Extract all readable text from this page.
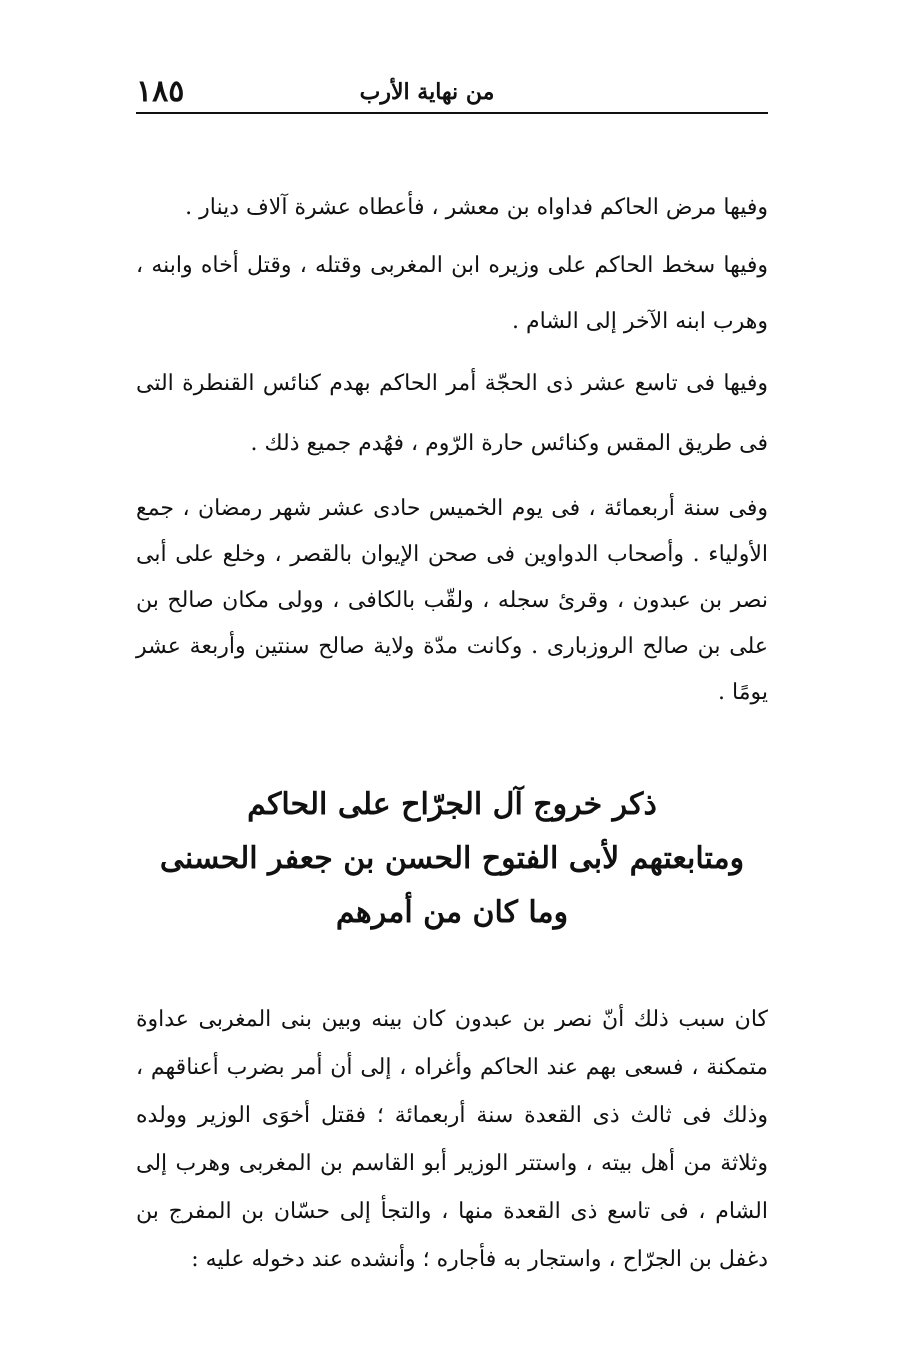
١٨٥	من نهاية الأرب

وفيها مرض الحاكم فداواه بن معشر ، فأعطاه عشرة آلاف دينار .

وفيها سخط الحاكم على وزيره ابن المغربى وقتله ، وقتل أخاه وابنه ، وهرب ابنه الآخر إلى الشام .

وفيها فى تاسع عشر ذى الحجّة أمر الحاكم بهدم كنائس القنطرة التى فى طريق المقس وكنائس حارة الرّوم ، فهُدم جميع ذلك .

وفى سنة أربعمائة ، فى يوم الخميس حادى عشر شهر رمضان ، جمع الأولياء . وأصحاب الدواوين فى صحن الإيوان بالقصر ، وخلع على أبى نصر بن عبدون ، وقرئ سجله ، ولقّب بالكافى ، وولى مكان صالح بن على بن صالح الروزبارى . وكانت مدّة ولاية صالح سنتين وأربعة عشر يومًا .

ذكر خروج آل الجرّاح على الحاكم
ومتابعتهم لأبى الفتوح الحسن بن جعفر الحسنى
وما كان من أمرهم

كان سبب ذلك أنّ نصر بن عبدون كان بينه وبين بنى المغربى عداوة متمكنة ، فسعى بهم عند الحاكم وأغراه ، إلى أن أمر بضرب أعناقهم ، وذلك فى ثالث ذى القعدة سنة أربعمائة ؛ فقتل أخوَى الوزير وولده وثلاثة من أهل بيته ، واستتر الوزير أبو القاسم بن المغربى وهرب إلى الشام ، فى تاسع ذى القعدة منها ، والتجأ إلى حسّان بن المفرج بن دغفل بن الجرّاح ، واستجار به فأجاره ؛ وأنشده عند دخوله عليه :
